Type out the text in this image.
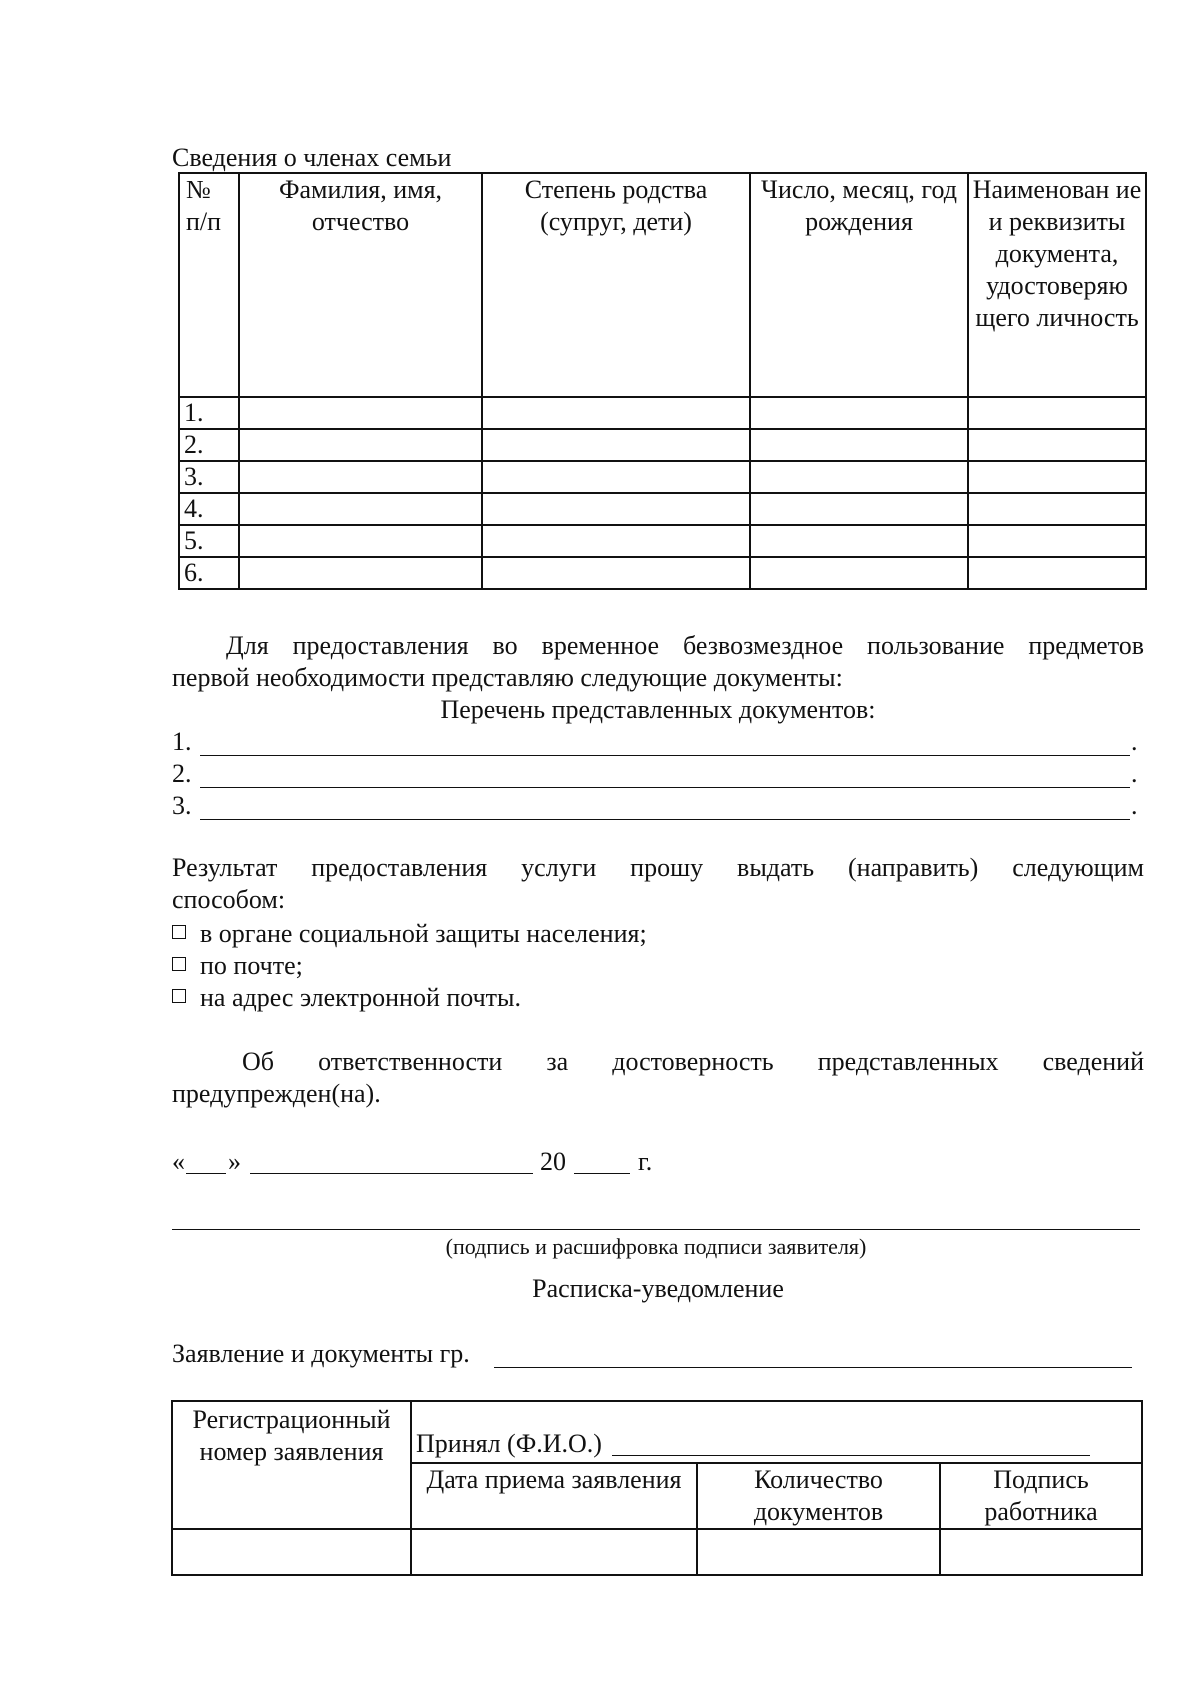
Сведения о членах семьи
№ п/п	Фамилия, имя, отчество	Степень родства (супруг, дети)	Число, месяц, год рождения	Наименован ие и реквизиты документа, удостоверяю щего личность
1.				
2.				
3.				
4.				
5.				
6.				
Для предоставления во временное безвозмездное пользование предметов
первой необходимости представляю следующие документы:
Перечень представленных документов:
1.	.
2.	.
3.	.
Результат предоставления услуги прошу выдать (направить) следующим
способом:
в органе социальной защиты населения;
по почте;
на адрес электронной почты.
Об ответственности за достоверность представленных сведений
предупрежден(на).
« »	20	г.
(подпись и расшифровка подписи заявителя)
Расписка-уведомление
Заявление и документы гр.
Регистрационный номер заявления	Принял (Ф.И.О.)		
	Дата приема заявления	Количество документов	Подпись работника
